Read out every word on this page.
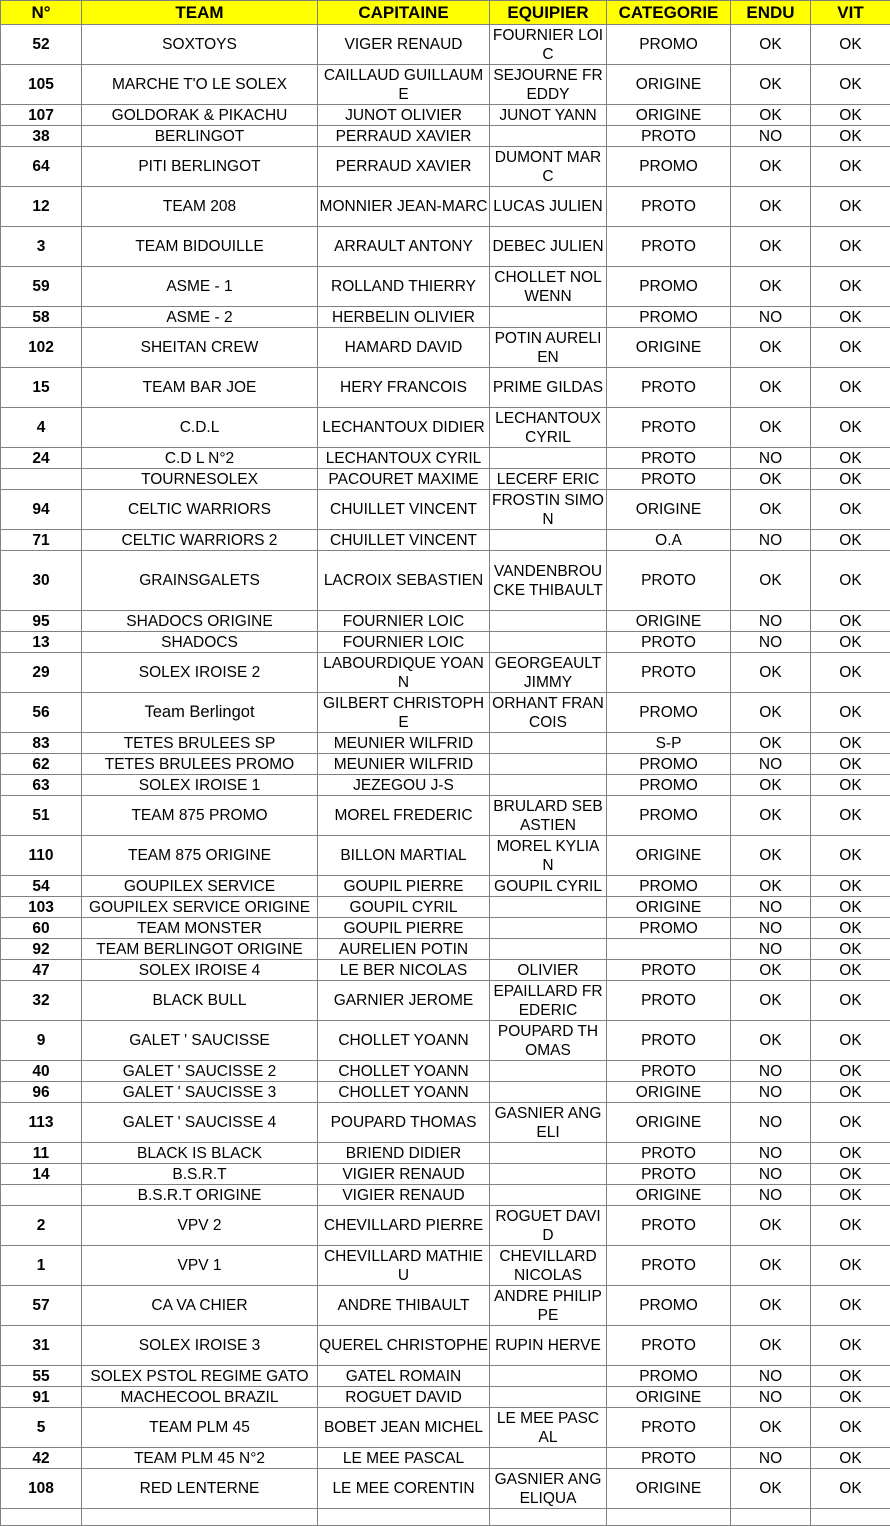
N°	TEAM	CAPITAINE	EQUIPIER	CATEGORIE	ENDU	VIT
52	SOXTOYS	VIGER RENAUD	FOURNIER LOIC	PROMO	OK	OK
105	MARCHE T'O LE SOLEX	CAILLAUD GUILLAUME	SEJOURNE FREDDY	ORIGINE	OK	OK
107	GOLDORAK & PIKACHU	JUNOT OLIVIER	JUNOT YANN	ORIGINE	OK	OK
38	BERLINGOT	PERRAUD XAVIER		PROTO	NO	OK
64	PITI BERLINGOT	PERRAUD XAVIER	DUMONT MARC	PROMO	OK	OK
12	TEAM 208	MONNIER JEAN-MARC	LUCAS JULIEN	PROTO	OK	OK
3	TEAM BIDOUILLE	ARRAULT ANTONY	DEBEC JULIEN	PROTO	OK	OK
59	ASME - 1	ROLLAND THIERRY	CHOLLET NOLWENN	PROMO	OK	OK
58	ASME - 2	HERBELIN OLIVIER		PROMO	NO	OK
102	SHEITAN CREW	HAMARD DAVID	POTIN AURELIEN	ORIGINE	OK	OK
15	TEAM BAR JOE	HERY FRANCOIS	PRIME GILDAS	PROTO	OK	OK
4	C.D.L	LECHANTOUX DIDIER	LECHANTOUX CYRIL	PROTO	OK	OK
24	C.D L N°2	LECHANTOUX CYRIL		PROTO	NO	OK
	TOURNESOLEX	PACOURET MAXIME	LECERF ERIC	PROTO	OK	OK
94	CELTIC WARRIORS	CHUILLET VINCENT	FROSTIN SIMON	ORIGINE	OK	OK
71	CELTIC WARRIORS 2	CHUILLET VINCENT		O.A	NO	OK
30	GRAINSGALETS	LACROIX SEBASTIEN	VANDENBROUCKE THIBAULT	PROTO	OK	OK
95	SHADOCS ORIGINE	FOURNIER LOIC		ORIGINE	NO	OK
13	SHADOCS	FOURNIER LOIC		PROTO	NO	OK
29	SOLEX IROISE 2	LABOURDIQUE YOANN	GEORGEAULT JIMMY	PROTO	OK	OK
56	Team Berlingot	GILBERT CHRISTOPHE	ORHANT FRANCOIS	PROMO	OK	OK
83	TETES BRULEES SP	MEUNIER WILFRID		S-P	OK	OK
62	TETES BRULEES PROMO	MEUNIER WILFRID		PROMO	NO	OK
63	SOLEX IROISE 1	JEZEGOU J-S		PROMO	OK	OK
51	TEAM 875 PROMO	MOREL FREDERIC	BRULARD SEBASTIEN	PROMO	OK	OK
110	TEAM 875 ORIGINE	BILLON MARTIAL	MOREL KYLIAN	ORIGINE	OK	OK
54	GOUPILEX SERVICE	GOUPIL PIERRE	GOUPIL CYRIL	PROMO	OK	OK
103	GOUPILEX SERVICE ORIGINE	GOUPIL CYRIL		ORIGINE	NO	OK
60	TEAM MONSTER	GOUPIL PIERRE		PROMO	NO	OK
92	TEAM BERLINGOT ORIGINE	AURELIEN POTIN			NO	OK
47	SOLEX IROISE 4	LE BER NICOLAS	OLIVIER	PROTO	OK	OK
32	BLACK BULL	GARNIER JEROME	EPAILLARD FREDERIC	PROTO	OK	OK
9	GALET ' SAUCISSE	CHOLLET YOANN	POUPARD THOMAS	PROTO	OK	OK
40	GALET ' SAUCISSE 2	CHOLLET YOANN		PROTO	NO	OK
96	GALET ' SAUCISSE 3	CHOLLET YOANN		ORIGINE	NO	OK
113	GALET ' SAUCISSE 4	POUPARD THOMAS	GASNIER ANGELI	ORIGINE	NO	OK
11	BLACK IS BLACK	BRIEND DIDIER		PROTO	NO	OK
14	B.S.R.T	VIGIER RENAUD		PROTO	NO	OK
	B.S.R.T ORIGINE	VIGIER RENAUD		ORIGINE	NO	OK
2	VPV 2	CHEVILLARD PIERRE	ROGUET DAVID	PROTO	OK	OK
1	VPV 1	CHEVILLARD MATHIEU	CHEVILLARD NICOLAS	PROTO	OK	OK
57	CA VA CHIER	ANDRE THIBAULT	ANDRE PHILIPPE	PROMO	OK	OK
31	SOLEX IROISE 3	QUEREL CHRISTOPHE	RUPIN HERVE	PROTO	OK	OK
55	SOLEX PSTOL REGIME GATO	GATEL ROMAIN		PROMO	NO	OK
91	MACHECOOL BRAZIL	ROGUET DAVID		ORIGINE	NO	OK
5	TEAM PLM 45	BOBET JEAN MICHEL	LE MEE PASCAL	PROTO	OK	OK
42	TEAM PLM 45 N°2	LE MEE PASCAL		PROTO	NO	OK
108	RED LENTERNE	LE MEE CORENTIN	GASNIER ANGELIQUA	ORIGINE	OK	OK
